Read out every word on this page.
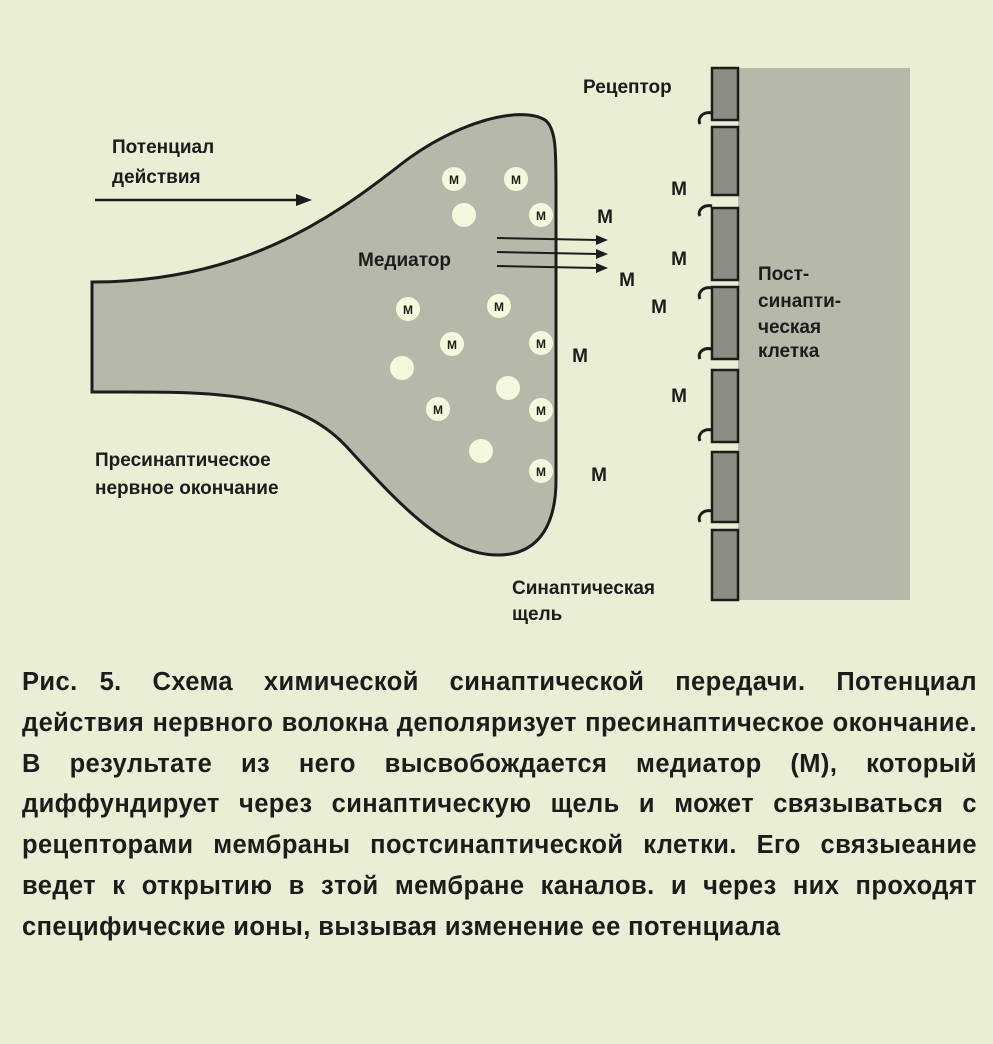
М	М
М
М	М
М	М
М	М
М
М
М
М
М
М
М
М
М
Потенциал
действия
Медиатор
Пресинаптическое
нервное окончание
Рецептор
Пост-
синапти-
ческая
клетка
Синаптическая
щель

Рис. 5. Схема химической синаптической передачи. Потенциал действия нервного волокна деполяризует пресинаптическое окончание. В результате из него высвобождается медиатор (М), который диффундирует через синаптическую щель и может связываться с рецепторами мембраны постсинаптической клетки. Его связыеание ведет к открытию в зтой мембране каналов. и через них проходят специфические ионы, вызывая изменение ее потенциала
